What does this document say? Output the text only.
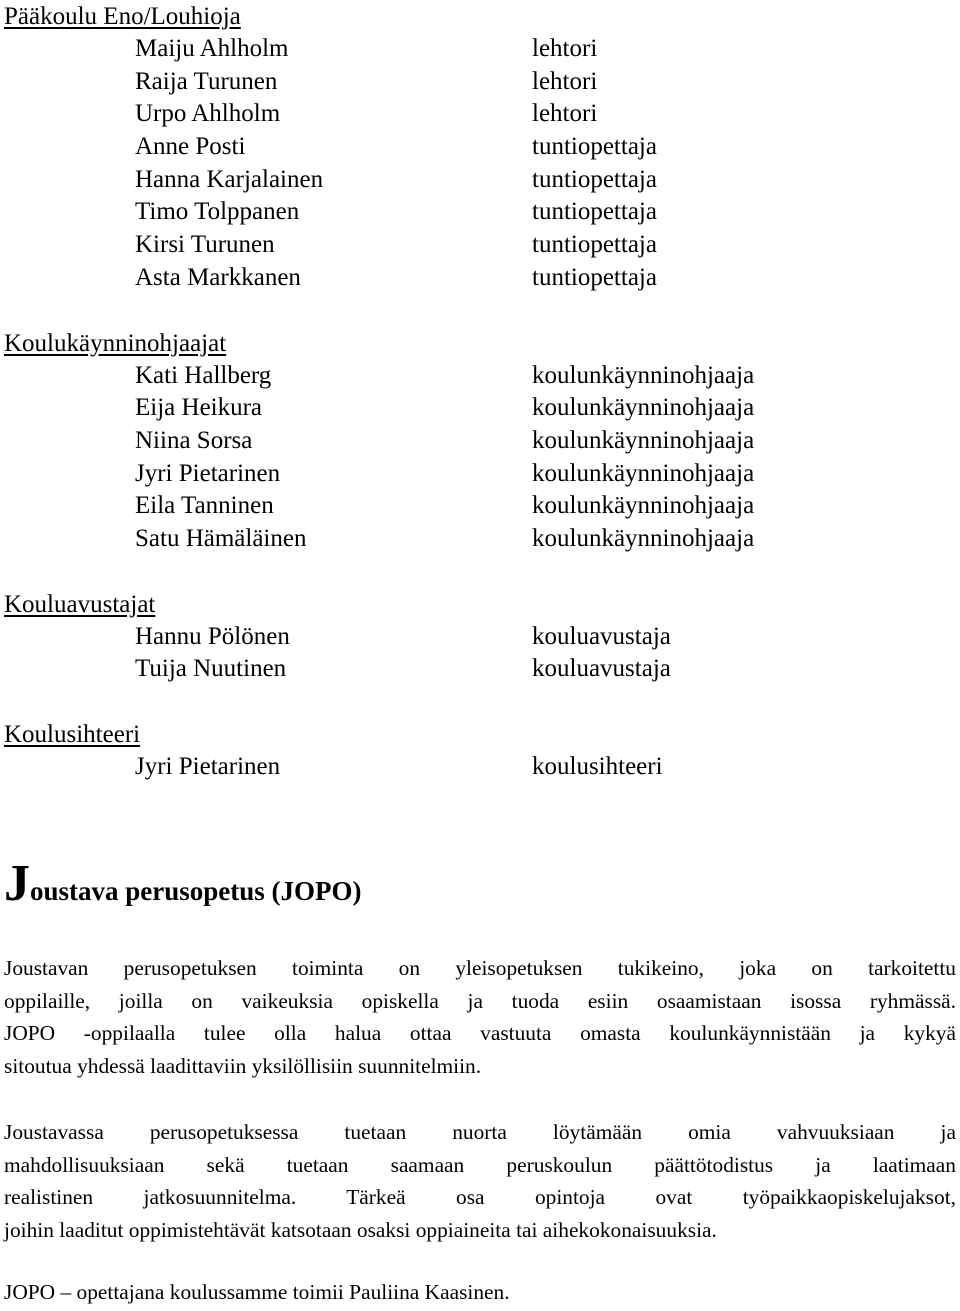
Pääkoulu Eno/Louhioja
Maiju Ahlholm	lehtori
Raija Turunen	lehtori
Urpo Ahlholm	lehtori
Anne Posti	tuntiopettaja
Hanna Karjalainen	tuntiopettaja
Timo Tolppanen	tuntiopettaja
Kirsi Turunen	tuntiopettaja
Asta Markkanen	tuntiopettaja
Koulukäynninohjaajat
Kati Hallberg	koulunkäynninohjaaja
Eija Heikura	koulunkäynninohjaaja
Niina Sorsa	koulunkäynninohjaaja
Jyri Pietarinen	koulunkäynninohjaaja
Eila Tanninen	koulunkäynninohjaaja
Satu Hämäläinen	koulunkäynninohjaaja
Kouluavustajat
Hannu Pölönen	kouluavustaja
Tuija Nuutinen	kouluavustaja
Koulusihteeri
Jyri Pietarinen	koulusihteeri
Joustava perusopetus (JOPO)

Joustavan perusopetuksen toiminta on yleisopetuksen tukikeino, joka on tarkoitettu
oppilaille, joilla on vaikeuksia opiskella ja tuoda esiin osaamistaan isossa ryhmässä.
JOPO -oppilaalla tulee olla halua ottaa vastuuta omasta koulunkäynnistään ja kykyä
sitoutua yhdessä laadittaviin yksilöllisiin suunnitelmiin.

Joustavassa perusopetuksessa tuetaan nuorta löytämään omia vahvuuksiaan ja
mahdollisuuksiaan sekä tuetaan saamaan peruskoulun päättötodistus ja laatimaan
realistinen jatkosuunnitelma. Tärkeä osa opintoja ovat työpaikkaopiskelujaksot,
joihin laaditut oppimistehtävät katsotaan osaksi oppiaineita tai aihekokonaisuuksia.

JOPO – opettajana koulussamme toimii Pauliina Kaasinen.
